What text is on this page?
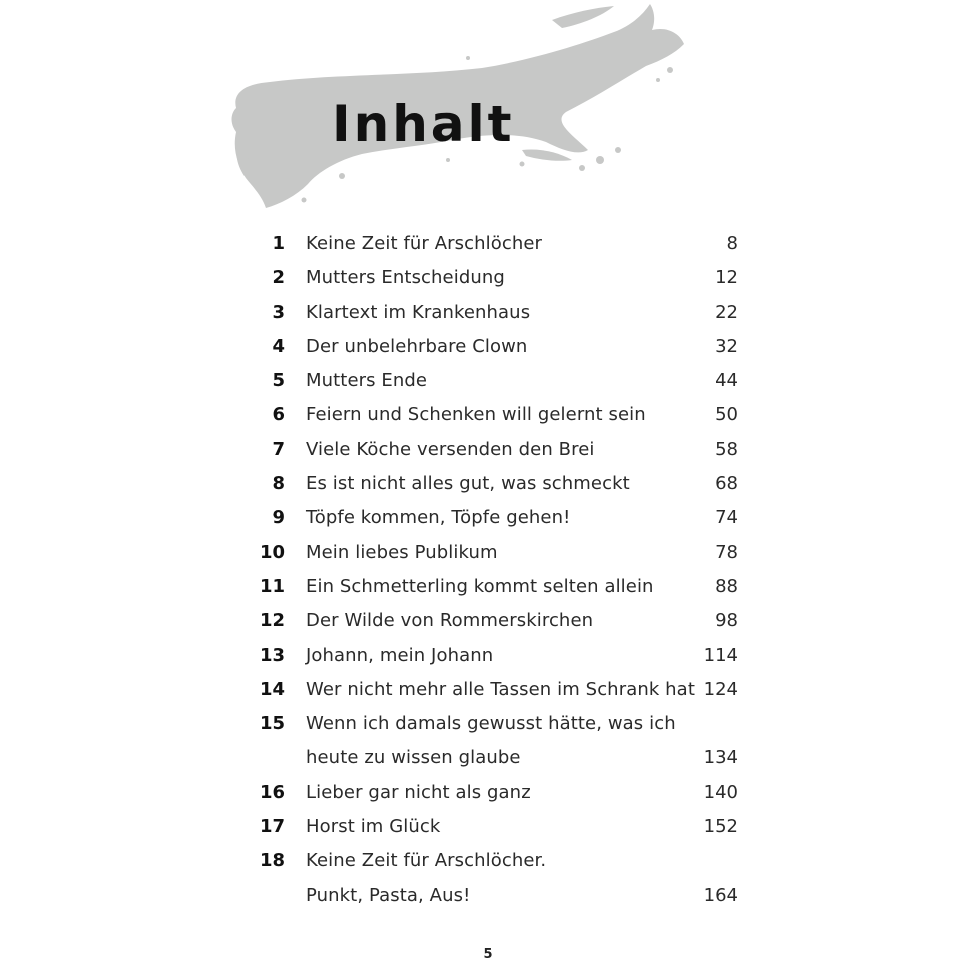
Inhalt
1 Keine Zeit für Arschlöcher	8
2 Mutters Entscheidung	12
3 Klartext im Krankenhaus	22
4 Der unbelehrbare Clown	32
5 Mutters Ende	44
6 Feiern und Schenken will gelernt sein	50
7 Viele Köche versenden den Brei	58
8 Es ist nicht alles gut, was schmeckt	68
9 Töpfe kommen, Töpfe gehen!	74
10 Mein liebes Publikum	78
11 Ein Schmetterling kommt selten allein	88
12 Der Wilde von Rommerskirchen	98
13 Johann, mein Johann	114
14 Wer nicht mehr alle Tassen im Schrank hat 124
15 Wenn ich damals gewusst hätte, was ich
heute zu wissen glaube	134
16 Lieber gar nicht als ganz	140
17 Horst im Glück	152
18 Keine Zeit für Arschlöcher.
Punkt, Pasta, Aus!	164
5
